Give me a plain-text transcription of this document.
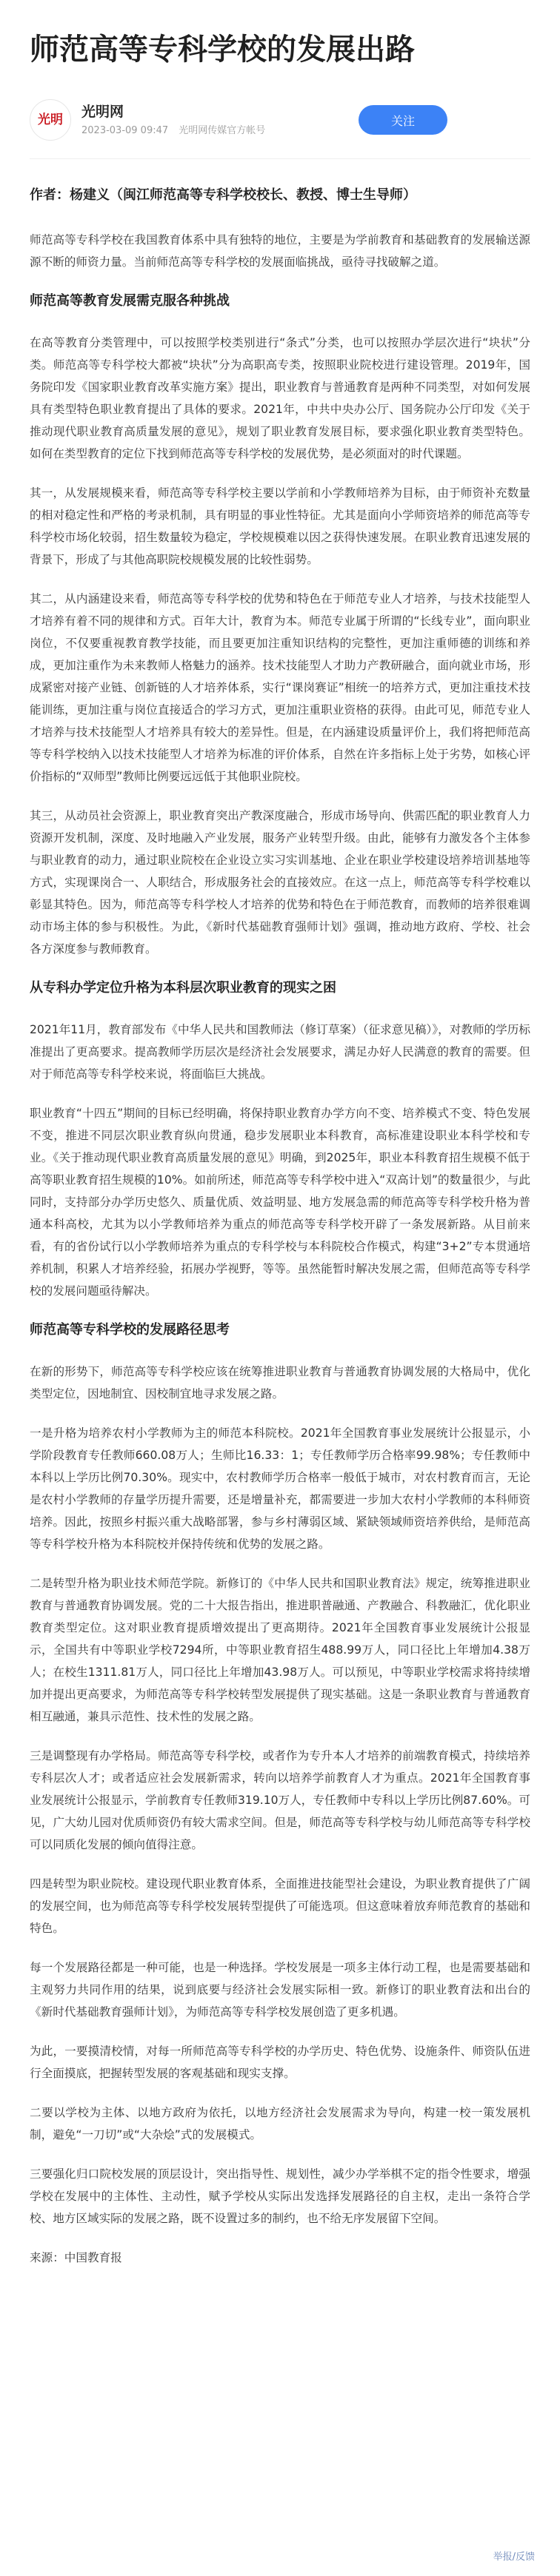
师范高等专科学校的发展出路
光明 光明网
2023-03-09 09:47 光明网传媒官方帐号
关注

作者：杨建义（闽江师范高等专科学校校长、教授、博士生导师）

师范高等专科学校在我国教育体系中具有独特的地位，主要是为学前教育和基础教育的发展输送源源不断的师资力量。当前师范高等专科学校的发展面临挑战，亟待寻找破解之道。

师范高等教育发展需克服各种挑战

在高等教育分类管理中，可以按照学校类别进行“条式”分类，也可以按照办学层次进行“块状”分类。师范高等专科学校大都被“块状”分为高职高专类，按照职业院校进行建设管理。2019年，国务院印发《国家职业教育改革实施方案》提出，职业教育与普通教育是两种不同类型，对如何发展具有类型特色职业教育提出了具体的要求。2021年，中共中央办公厅、国务院办公厅印发《关于推动现代职业教育高质量发展的意见》，规划了职业教育发展目标，要求强化职业教育类型特色。如何在类型教育的定位下找到师范高等专科学校的发展优势，是必须面对的时代课题。

其一，从发展规模来看，师范高等专科学校主要以学前和小学教师培养为目标，由于师资补充数量的相对稳定性和严格的考录机制，具有明显的事业性特征。尤其是面向小学师资培养的师范高等专科学校市场化较弱，招生数量较为稳定，学校规模难以因之获得快速发展。在职业教育迅速发展的背景下，形成了与其他高职院校规模发展的比较性弱势。

其二，从内涵建设来看，师范高等专科学校的优势和特色在于师范专业人才培养，与技术技能型人才培养有着不同的规律和方式。百年大计，教育为本。师范专业属于所谓的“长线专业”，面向职业岗位，不仅要重视教育教学技能，而且要更加注重知识结构的完整性，更加注重师德的训练和养成，更加注重作为未来教师人格魅力的涵养。技术技能型人才助力产教研融合，面向就业市场，形成紧密对接产业链、创新链的人才培养体系，实行“课岗赛证”相统一的培养方式，更加注重技术技能训练，更加注重与岗位直接适合的学习方式，更加注重职业资格的获得。由此可见，师范专业人才培养与技术技能型人才培养具有较大的差异性。但是，在内涵建设质量评价上，我们将把师范高等专科学校纳入以技术技能型人才培养为标准的评价体系，自然在许多指标上处于劣势，如核心评价指标的“双师型”教师比例要远远低于其他职业院校。

其三，从动员社会资源上，职业教育突出产教深度融合，形成市场导向、供需匹配的职业教育人力资源开发机制，深度、及时地融入产业发展，服务产业转型升级。由此，能够有力激发各个主体参与职业教育的动力，通过职业院校在企业设立实习实训基地、企业在职业学校建设培养培训基地等方式，实现课岗合一、人职结合，形成服务社会的直接效应。在这一点上，师范高等专科学校难以彰显其特色。因为，师范高等专科学校人才培养的优势和特色在于师范教育，而教师的培养很难调动市场主体的参与积极性。为此，《新时代基础教育强师计划》强调，推动地方政府、学校、社会各方深度参与教师教育。

从专科办学定位升格为本科层次职业教育的现实之困

2021年11月，教育部发布《中华人民共和国教师法（修订草案）（征求意见稿）》，对教师的学历标准提出了更高要求。提高教师学历层次是经济社会发展要求，满足办好人民满意的教育的需要。但对于师范高等专科学校来说，将面临巨大挑战。

职业教育“十四五”期间的目标已经明确，将保持职业教育办学方向不变、培养模式不变、特色发展不变，推进不同层次职业教育纵向贯通，稳步发展职业本科教育，高标准建设职业本科学校和专业。《关于推动现代职业教育高质量发展的意见》明确，到2025年，职业本科教育招生规模不低于高等职业教育招生规模的10%。如前所述，师范高等专科学校中进入“双高计划”的数量很少，与此同时，支持部分办学历史悠久、质量优质、效益明显、地方发展急需的师范高等专科学校升格为普通本科高校，尤其为以小学教师培养为重点的师范高等专科学校开辟了一条发展新路。从目前来看，有的省份试行以小学教师培养为重点的专科学校与本科院校合作模式，构建“3+2”专本贯通培养机制，积累人才培养经验，拓展办学视野，等等。虽然能暂时解决发展之需，但师范高等专科学校的发展问题亟待解决。

师范高等专科学校的发展路径思考

在新的形势下，师范高等专科学校应该在统筹推进职业教育与普通教育协调发展的大格局中，优化类型定位，因地制宜、因校制宜地寻求发展之路。

一是升格为培养农村小学教师为主的师范本科院校。2021年全国教育事业发展统计公报显示，小学阶段教育专任教师660.08万人；生师比16.33：1；专任教师学历合格率99.98%；专任教师中本科以上学历比例70.30%。现实中，农村教师学历合格率一般低于城市，对农村教育而言，无论是农村小学教师的存量学历提升需要，还是增量补充，都需要进一步加大农村小学教师的本科师资培养。因此，按照乡村振兴重大战略部署，参与乡村薄弱区域、紧缺领域师资培养供给，是师范高等专科学校升格为本科院校并保持传统和优势的发展之路。

二是转型升格为职业技术师范学院。新修订的《中华人民共和国职业教育法》规定，统筹推进职业教育与普通教育协调发展。党的二十大报告指出，推进职普融通、产教融合、科教融汇，优化职业教育类型定位。这对职业教育提质增效提出了更高期待。2021年全国教育事业发展统计公报显示，全国共有中等职业学校7294所，中等职业教育招生488.99万人，同口径比上年增加4.38万人；在校生1311.81万人，同口径比上年增加43.98万人。可以预见，中等职业学校需求将持续增加并提出更高要求，为师范高等专科学校转型发展提供了现实基础。这是一条职业教育与普通教育相互融通，兼具示范性、技术性的发展之路。

三是调整现有办学格局。师范高等专科学校，或者作为专升本人才培养的前端教育模式，持续培养专科层次人才；或者适应社会发展新需求，转向以培养学前教育人才为重点。2021年全国教育事业发展统计公报显示，学前教育专任教师319.10万人，专任教师中专科以上学历比例87.60%。可见，广大幼儿园对优质师资仍有较大需求空间。但是，师范高等专科学校与幼儿师范高等专科学校可以同质化发展的倾向值得注意。

四是转型为职业院校。建设现代职业教育体系，全面推进技能型社会建设，为职业教育提供了广阔的发展空间，也为师范高等专科学校发展转型提供了可能选项。但这意味着放弃师范教育的基础和特色。

每一个发展路径都是一种可能，也是一种选择。学校发展是一项多主体行动工程，也是需要基础和主观努力共同作用的结果，说到底要与经济社会发展实际相一致。新修订的职业教育法和出台的《新时代基础教育强师计划》，为师范高等专科学校发展创造了更多机遇。

为此，一要摸清校情，对每一所师范高等专科学校的办学历史、特色优势、设施条件、师资队伍进行全面摸底，把握转型发展的客观基础和现实支撑。

二要以学校为主体、以地方政府为依托，以地方经济社会发展需求为导向，构建一校一策发展机制，避免“一刀切”或“大杂烩”式的发展模式。

三要强化归口院校发展的顶层设计，突出指导性、规划性，减少办学举棋不定的指令性要求，增强学校在发展中的主体性、主动性，赋予学校从实际出发选择发展路径的自主权，走出一条符合学校、地方区域实际的发展之路，既不设置过多的制约，也不给无序发展留下空间。

来源：中国教育报

举报/反馈
